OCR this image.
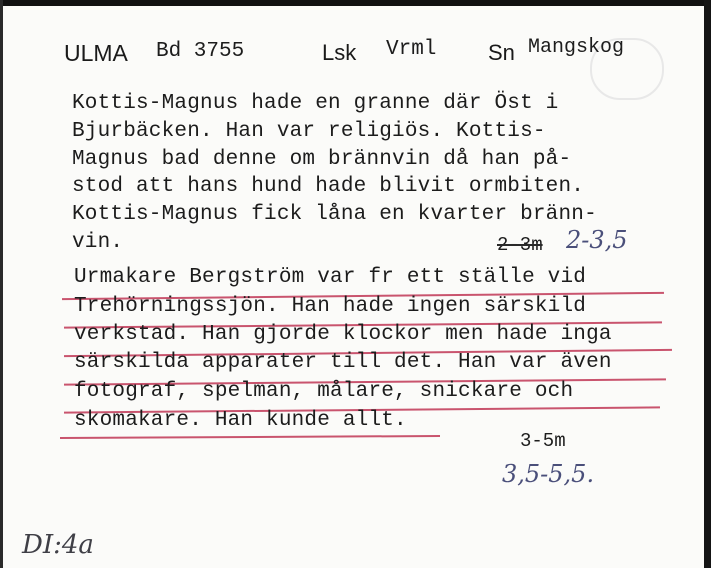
ULMA Bd 3755	Lsk Vrml Sn Mangskog
Kottis-Magnus hade en granne där Öst i
Bjurbäcken. Han var religiös. Kottis-
Magnus bad denne om brännvin då han på-
stod att hans hund hade blivit ormbiten.
Kottis-Magnus fick låna en kvarter bränn-
vin.	2-3m 2-3,5
Urmakare Bergström var fr ett ställe vid
Trehörningssjön. Han hade ingen särskild
verkstad. Han gjorde klockor men hade inga
särskilda apparater till det. Han var även
fotograf, spelman, målare, snickare och
skomakare. Han kunde allt.
3-5m
3,5-5,5.
DI:4a
